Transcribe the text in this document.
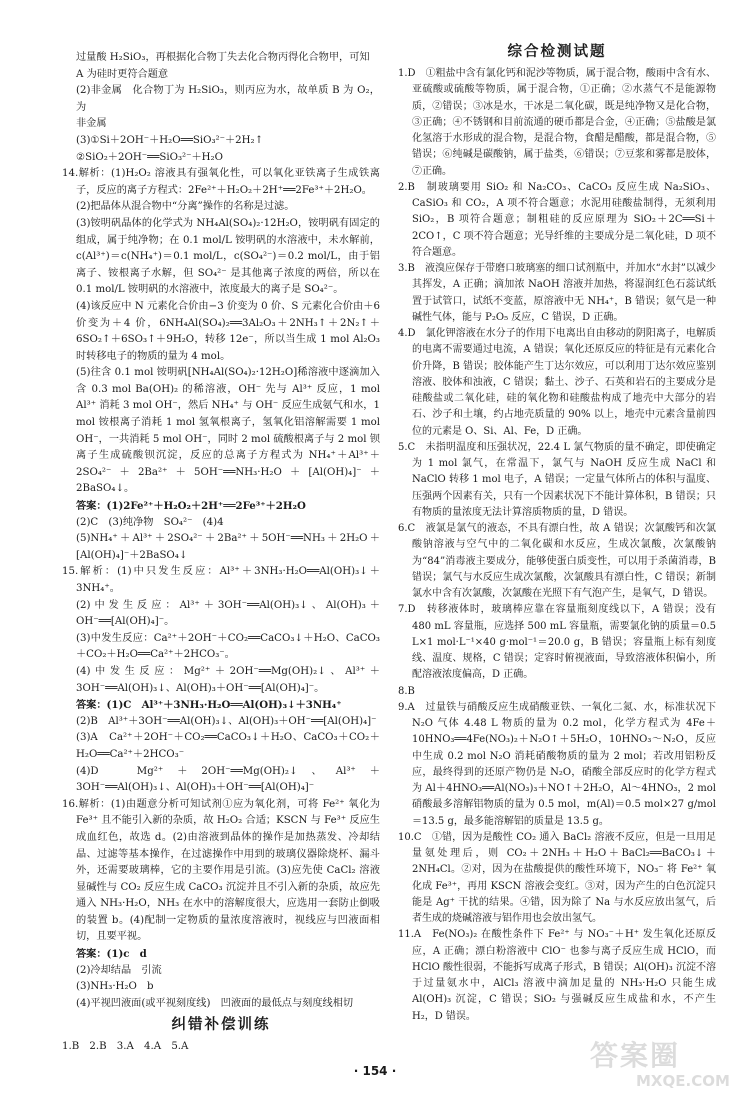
过量酸 H₂SiO₃，再根据化合物丁失去化合物丙得化合物甲，可知

A 为硅时更符合题意

(2)非金属　化合物丁为 H₂SiO₃，则丙应为水，故单质 B 为 O₂，为

非金属

(3)①Si＋2OH⁻＋H₂O══SiO₃²⁻＋2H₂↑

②SiO₂＋2OH⁻══SiO₃²⁻＋H₂O

14.解析：(1)H₂O₂ 溶液具有强氧化性，可以氧化亚铁离子生成铁离子，反应的离子方程式：2Fe²⁺＋H₂O₂＋2H⁺══2Fe³⁺＋2H₂O。

(2)把晶体从混合物中“分离”操作的名称是过滤。

(3)铵明矾晶体的化学式为 NH₄Al(SO₄)₂·12H₂O，铵明矾有固定的组成，属于纯净物；在 0.1 mol/L 铵明矾的水溶液中，未水解前，c(Al³⁺)＝c(NH₄⁺)＝0.1 mol/L，c(SO₄²⁻)＝0.2 mol/L，由于铝离子、铵根离子水解，但 SO₄²⁻ 是其他离子浓度的两倍，所以在 0.1 mol/L 铵明矾的水溶液中，浓度最大的离子是 SO₄²⁻。

(4)该反应中 N 元素化合价由−3 价变为 0 价、S 元素化合价由＋6 价变为＋4 价，6NH₄Al(SO₄)₂══3Al₂O₃＋2NH₃↑＋2N₂↑＋6SO₂↑＋6SO₃↑＋9H₂O，转移 12e⁻，所以当生成 1 mol Al₂O₃ 时转移电子的物质的量为 4 mol。

(5)往含 0.1 mol 铵明矾[NH₄Al(SO₄)₂·12H₂O]稀溶液中逐滴加入含 0.3 mol Ba(OH)₂ 的稀溶液，OH⁻ 先与 Al³⁺ 反应，1 mol Al³⁺ 消耗 3 mol OH⁻，然后 NH₄⁺ 与 OH⁻ 反应生成氨气和水，1 mol 铵根离子消耗 1 mol 氢氧根离子，氢氧化铝溶解需要 1 mol OH⁻，一共消耗 5 mol OH⁻，同时 2 mol 硫酸根离子与 2 mol 钡离子生成硫酸钡沉淀，反应的总离子方程式为 NH₄⁺＋Al³⁺＋2SO₄²⁻＋2Ba²⁺＋5OH⁻══NH₃·H₂O＋[Al(OH)₄]⁻＋2BaSO₄↓。

答案：(1)2Fe²⁺＋H₂O₂＋2H⁺══2Fe³⁺＋2H₂O

(2)C　(3)纯净物　SO₄²⁻　(4)4

(5)NH₄⁺＋Al³⁺＋2SO₄²⁻＋2Ba²⁺＋5OH⁻══NH₃＋2H₂O＋[Al(OH)₄]⁻＋2BaSO₄↓

15.解析：(1)中只发生反应：Al³⁺＋3NH₃·H₂O══Al(OH)₃↓＋3NH₄⁺。

(2)中发生反应：Al³⁺＋3OH⁻══Al(OH)₃↓、Al(OH)₃＋OH⁻══[Al(OH)₄]⁻。

(3)中发生反应：Ca²⁺＋2OH⁻＋CO₂══CaCO₃↓＋H₂O、CaCO₃＋CO₂＋H₂O══Ca²⁺＋2HCO₃⁻。

(4)中发生反应：Mg²⁺＋2OH⁻══Mg(OH)₂↓、Al³⁺＋3OH⁻══Al(OH)₃↓、Al(OH)₃＋OH⁻══[Al(OH)₄]⁻。

答案：(1)C　Al³⁺＋3NH₃·H₂O══Al(OH)₃↓＋3NH₄⁺

(2)B　Al³⁺＋3OH⁻══Al(OH)₃↓、Al(OH)₃＋OH⁻══[Al(OH)₄]⁻

(3)A　Ca²⁺＋2OH⁻＋CO₂══CaCO₃↓＋H₂O、CaCO₃＋CO₂＋H₂O══Ca²⁺＋2HCO₃⁻

(4)D　Mg²⁺＋2OH⁻══Mg(OH)₂↓、Al³⁺＋3OH⁻══Al(OH)₃↓、Al(OH)₃＋OH⁻══[Al(OH)₄]⁻

16.解析：(1)由题意分析可知试剂①应为氧化剂，可将 Fe²⁺ 氧化为 Fe³⁺ 且不能引入新的杂质，故 H₂O₂ 合适；KSCN 与 Fe³⁺ 反应生成血红色，故选 d。(2)由溶液到晶体的操作是加热蒸发、冷却结晶、过滤等基本操作，在过滤操作中用到的玻璃仪器除烧杯、漏斗外，还需要玻璃棒，它的主要作用是引流。(3)应先使 CaCl₂ 溶液显碱性与 CO₂ 反应生成 CaCO₃ 沉淀并且不引入新的杂质，故应先通入 NH₃·H₂O，NH₃ 在水中的溶解度很大，应选用一套防止倒吸的装置 b。(4)配制一定物质的量浓度溶液时，视线应与凹液面相切，且要平视。

答案：(1)c　d

(2)冷却结晶　引流

(3)NH₃·H₂O　b

(4)平视凹液面(或平视刻度线)　凹液面的最低点与刻度线相切

纠错补偿训练

1.B　2.B　3.A　4.A　5.A

综合检测试题

1.D　①粗盐中含有氯化钙和泥沙等物质，属于混合物，酸雨中含有水、亚硫酸或硫酸等物质，属于混合物，①正确；②水蒸气不是能源物质，②错误；③冰是水，干冰是二氧化碳，既是纯净物又是化合物，③正确；④不锈钢和目前流通的硬币都是合金，④正确；⑤盐酸是氯化氢溶于水形成的混合物，是混合物，食醋是醋酸，都是混合物，⑤错误；⑥纯碱是碳酸钠，属于盐类，⑥错误；⑦豆浆和雾都是胶体，⑦正确。

2.B　制玻璃要用 SiO₂ 和 Na₂CO₃、CaCO₃ 反应生成 Na₂SiO₃、CaSiO₃ 和 CO₂，A 项不符合题意；水泥用硅酸盐制得，无须利用 SiO₂，B 项符合题意；制粗硅的反应原理为 SiO₂＋2C══Si＋2CO↑，C 项不符合题意；光导纤维的主要成分是二氧化硅，D 项不符合题意。

3.B　液溴应保存于带磨口玻璃塞的细口试剂瓶中，并加水“水封”以减少其挥发，A 正确；滴加浓 NaOH 溶液并加热，将湿润红色石蕊试纸置于试管口，试纸不变蓝，原溶液中无 NH₄⁺，B 错误；氨气是一种碱性气体，能与 P₂O₅ 反应，C 错误，D 正确。

4.D　氯化钾溶液在水分子的作用下电离出自由移动的阴阳离子，电解质的电离不需要通过电流，A 错误；氧化还原反应的特征是有元素化合价升降，B 错误；胶体能产生丁达尔效应，可以利用丁达尔效应鉴别溶液、胶体和浊液，C 错误；黏土、沙子、石英和岩石的主要成分是硅酸盐或二氧化硅，硅的氧化物和硅酸盐构成了地壳中大部分的岩石、沙子和土壤，约占地壳质量的 90% 以上，地壳中元素含量前四位的元素是 O、Si、Al、Fe，D 正确。

5.C　未指明温度和压强状况，22.4 L 氯气物质的量不确定，即使确定为 1 mol 氯气，在常温下，氯气与 NaOH 反应生成 NaCl 和 NaClO 转移 1 mol 电子，A 错误；一定量气体所占的体积与温度、压强两个因素有关，只有一个因素状况下不能计算体积，B 错误；只有物质的量浓度无法计算溶质物质的量，D 错误。

6.C　液氯是氯气的液态，不具有漂白性，故 A 错误；次氯酸钙和次氯酸钠溶液与空气中的二氧化碳和水反应，生成次氯酸，次氯酸钠为“84”消毒液主要成分，能够使蛋白质变性，可以用于杀菌消毒，B 错误；氯气与水反应生成次氯酸，次氯酸具有漂白性，C 错误；新制氯水中含有次氯酸，次氯酸在光照下有气泡产生，是氧气，D 错误。

7.D　转移液体时，玻璃棒应靠在容量瓶刻度线以下，A 错误；没有 480 mL 容量瓶，应选择 500 mL 容量瓶，需要氯化钠的质量＝0.5 L×1 mol·L⁻¹×40 g·mol⁻¹＝20.0 g，B 错误；容量瓶上标有刻度线、温度、规格，C 错误；定容时俯视液面，导致溶液体积偏小，所配溶液浓度偏高，D 正确。

8.B

9.A　过量铁与硝酸反应生成硝酸亚铁、一氧化二氮、水，标准状况下 N₂O 气体 4.48 L 物质的量为 0.2 mol，化学方程式为 4Fe＋10HNO₃══4Fe(NO₃)₂＋N₂O↑＋5H₂O，10HNO₃～N₂O，反应中生成 0.2 mol N₂O 消耗硝酸物质的量为 2 mol；若改用铝粉反应，最终得到的还原产物仍是 N₂O，硝酸全部反应时的化学方程式为 Al＋4HNO₃══Al(NO₃)₃＋NO↑＋2H₂O，Al～4HNO₃，2 mol 硝酸最多溶解铝物质的量为 0.5 mol，m(Al)＝0.5 mol×27 g/mol＝13.5 g，最多能溶解铝的质量是 13.5 g。

10.C　①错，因为是酸性 CO₂ 通入 BaCl₂ 溶液不反应，但是一旦用足量氨处理后，则 CO₂＋2NH₃＋H₂O＋BaCl₂══BaCO₃↓＋2NH₄Cl。②对，因为在盐酸提供的酸性环境下，NO₃⁻ 将 Fe²⁺ 氧化成 Fe³⁺，再用 KSCN 溶液会变红。③对，因为产生的白色沉淀只能是 Ag⁺ 干扰的结果。④错，因为除了 Na 与水反应放出氢气，后者生成的烧碱溶液与铝作用也会放出氢气。

11.A　Fe(NO₃)₂ 在酸性条件下 Fe²⁺ 与 NO₃⁻＋H⁺ 发生氧化还原反应，A 正确；漂白粉溶液中 ClO⁻ 也参与离子反应生成 HClO，而 HClO 酸性很弱，不能拆写成离子形式，B 错误；Al(OH)₃ 沉淀不溶于过量氨水中，AlCl₃ 溶液中滴加足量的 NH₃·H₂O 只能生成 Al(OH)₃ 沉淀，C 错误；SiO₂ 与强碱反应生成盐和水，不产生 H₂，D 错误。

· 154 ·	答案圈
MXQE.COM
